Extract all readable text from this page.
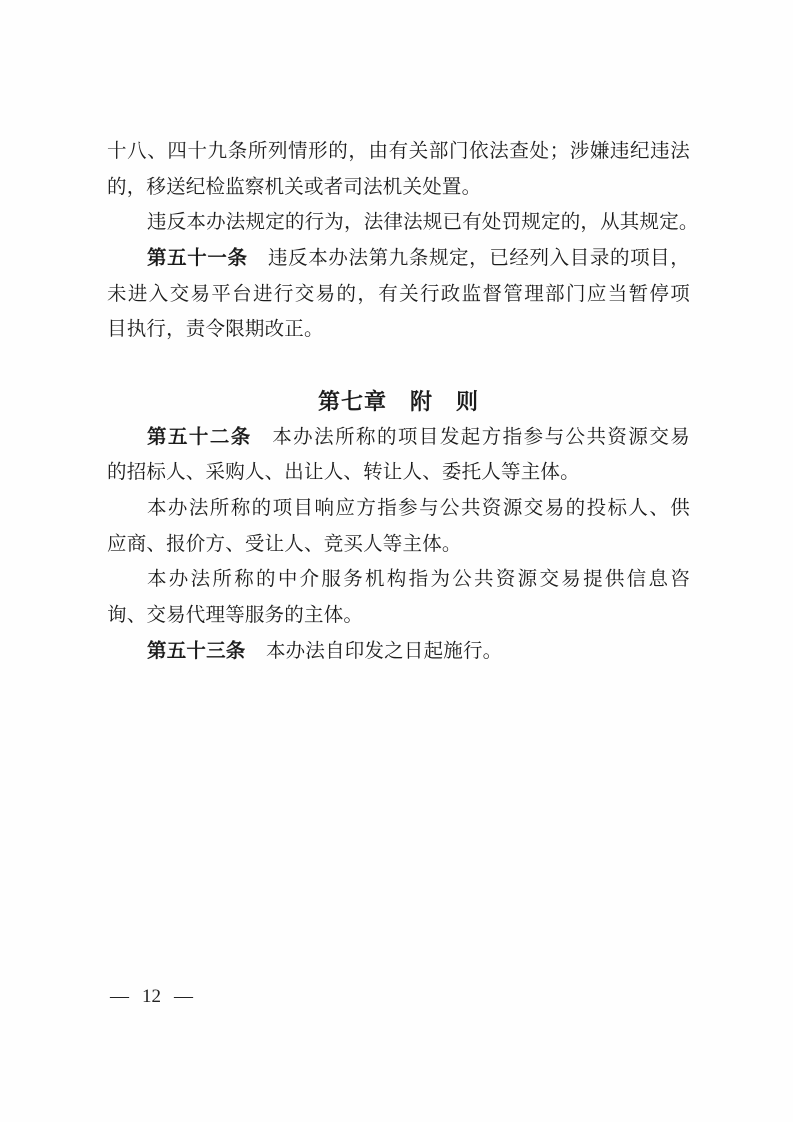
十八、四十九条所列情形的，由有关部门依法查处；涉嫌违纪违法
的，移送纪检监察机关或者司法机关处置。
违反本办法规定的行为，法律法规已有处罚规定的，从其规定。
第五十一条 违反本办法第九条规定，已经列入目录的项目，
未进入交易平台进行交易的，有关行政监督管理部门应当暂停项
目执行，责令限期改正。
第七章　附　则
第五十二条 本办法所称的项目发起方指参与公共资源交易
的招标人、采购人、出让人、转让人、委托人等主体。
本办法所称的项目响应方指参与公共资源交易的投标人、供
应商、报价方、受让人、竞买人等主体。
本办法所称的中介服务机构指为公共资源交易提供信息咨
询、交易代理等服务的主体。
第五十三条 本办法自印发之日起施行。
— 12 —
